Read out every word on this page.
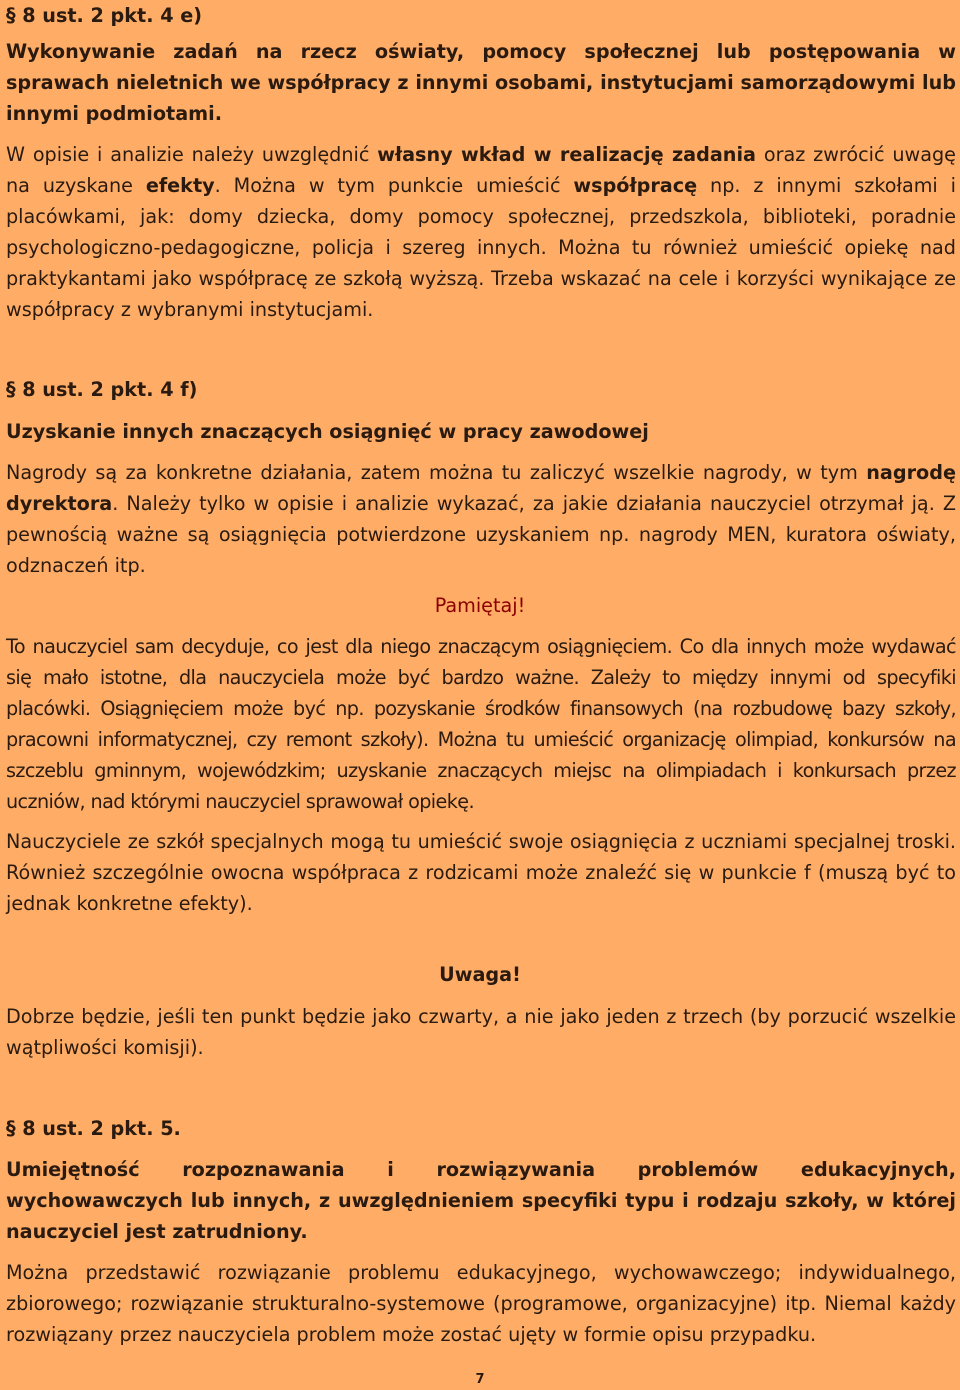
§ 8 ust. 2 pkt. 4 e)

Wykonywanie zadań na rzecz oświaty, pomocy społecznej lub postępowania w sprawach nieletnich we współpracy z innymi osobami, instytucjami samorządowymi lub innymi podmiotami.

W opisie i analizie należy uwzględnić własny wkład w realizację zadania oraz zwrócić uwagę na uzyskane efekty. Można w tym punkcie umieścić współpracę np. z innymi szkołami i placówkami, jak: domy dziecka, domy pomocy społecznej, przedszkola, biblioteki, poradnie psychologiczno-pedagogiczne, policja i szereg innych. Można tu również umieścić opiekę nad praktykantami jako współpracę ze szkołą wyższą. Trzeba wskazać na cele i korzyści wynikające ze współpracy z wybranymi instytucjami.

§ 8 ust. 2 pkt. 4 f)

Uzyskanie innych znaczących osiągnięć w pracy zawodowej

Nagrody są za konkretne działania, zatem można tu zaliczyć wszelkie nagrody, w tym nagrodę dyrektora. Należy tylko w opisie i analizie wykazać, za jakie działania nauczyciel otrzymał ją. Z pewnością ważne są osiągnięcia potwierdzone uzyskaniem np. nagrody MEN, kuratora oświaty, odznaczeń itp.

Pamiętaj!

To nauczyciel sam decyduje, co jest dla niego znaczącym osiągnięciem. Co dla innych może wydawać się mało istotne, dla nauczyciela może być bardzo ważne. Zależy to między innymi od specyfiki placówki. Osiągnięciem może być np. pozyskanie środków finansowych (na rozbudowę bazy szkoły, pracowni informatycznej, czy remont szkoły). Można tu umieścić organizację olimpiad, konkursów na szczeblu gminnym, wojewódzkim; uzyskanie znaczących miejsc na olimpiadach i konkursach przez uczniów, nad którymi nauczyciel sprawował opiekę.

Nauczyciele ze szkół specjalnych mogą tu umieścić swoje osiągnięcia z uczniami specjalnej troski. Również szczególnie owocna współpraca z rodzicami może znaleźć się w punkcie f (muszą być to jednak konkretne efekty).

Uwaga!

Dobrze będzie, jeśli ten punkt będzie jako czwarty, a nie jako jeden z trzech (by porzucić wszelkie wątpliwości komisji).

§ 8 ust. 2 pkt. 5.

Umiejętność rozpoznawania i rozwiązywania problemów edukacyjnych, wychowawczych lub innych, z uwzględnieniem specyfiki typu i rodzaju szkoły, w której nauczyciel jest zatrudniony.

Można przedstawić rozwiązanie problemu edukacyjnego, wychowawczego; indywidualnego, zbiorowego; rozwiązanie strukturalno-systemowe (programowe, organizacyjne) itp. Niemal każdy rozwiązany przez nauczyciela problem może zostać ujęty w formie opisu przypadku.

7
